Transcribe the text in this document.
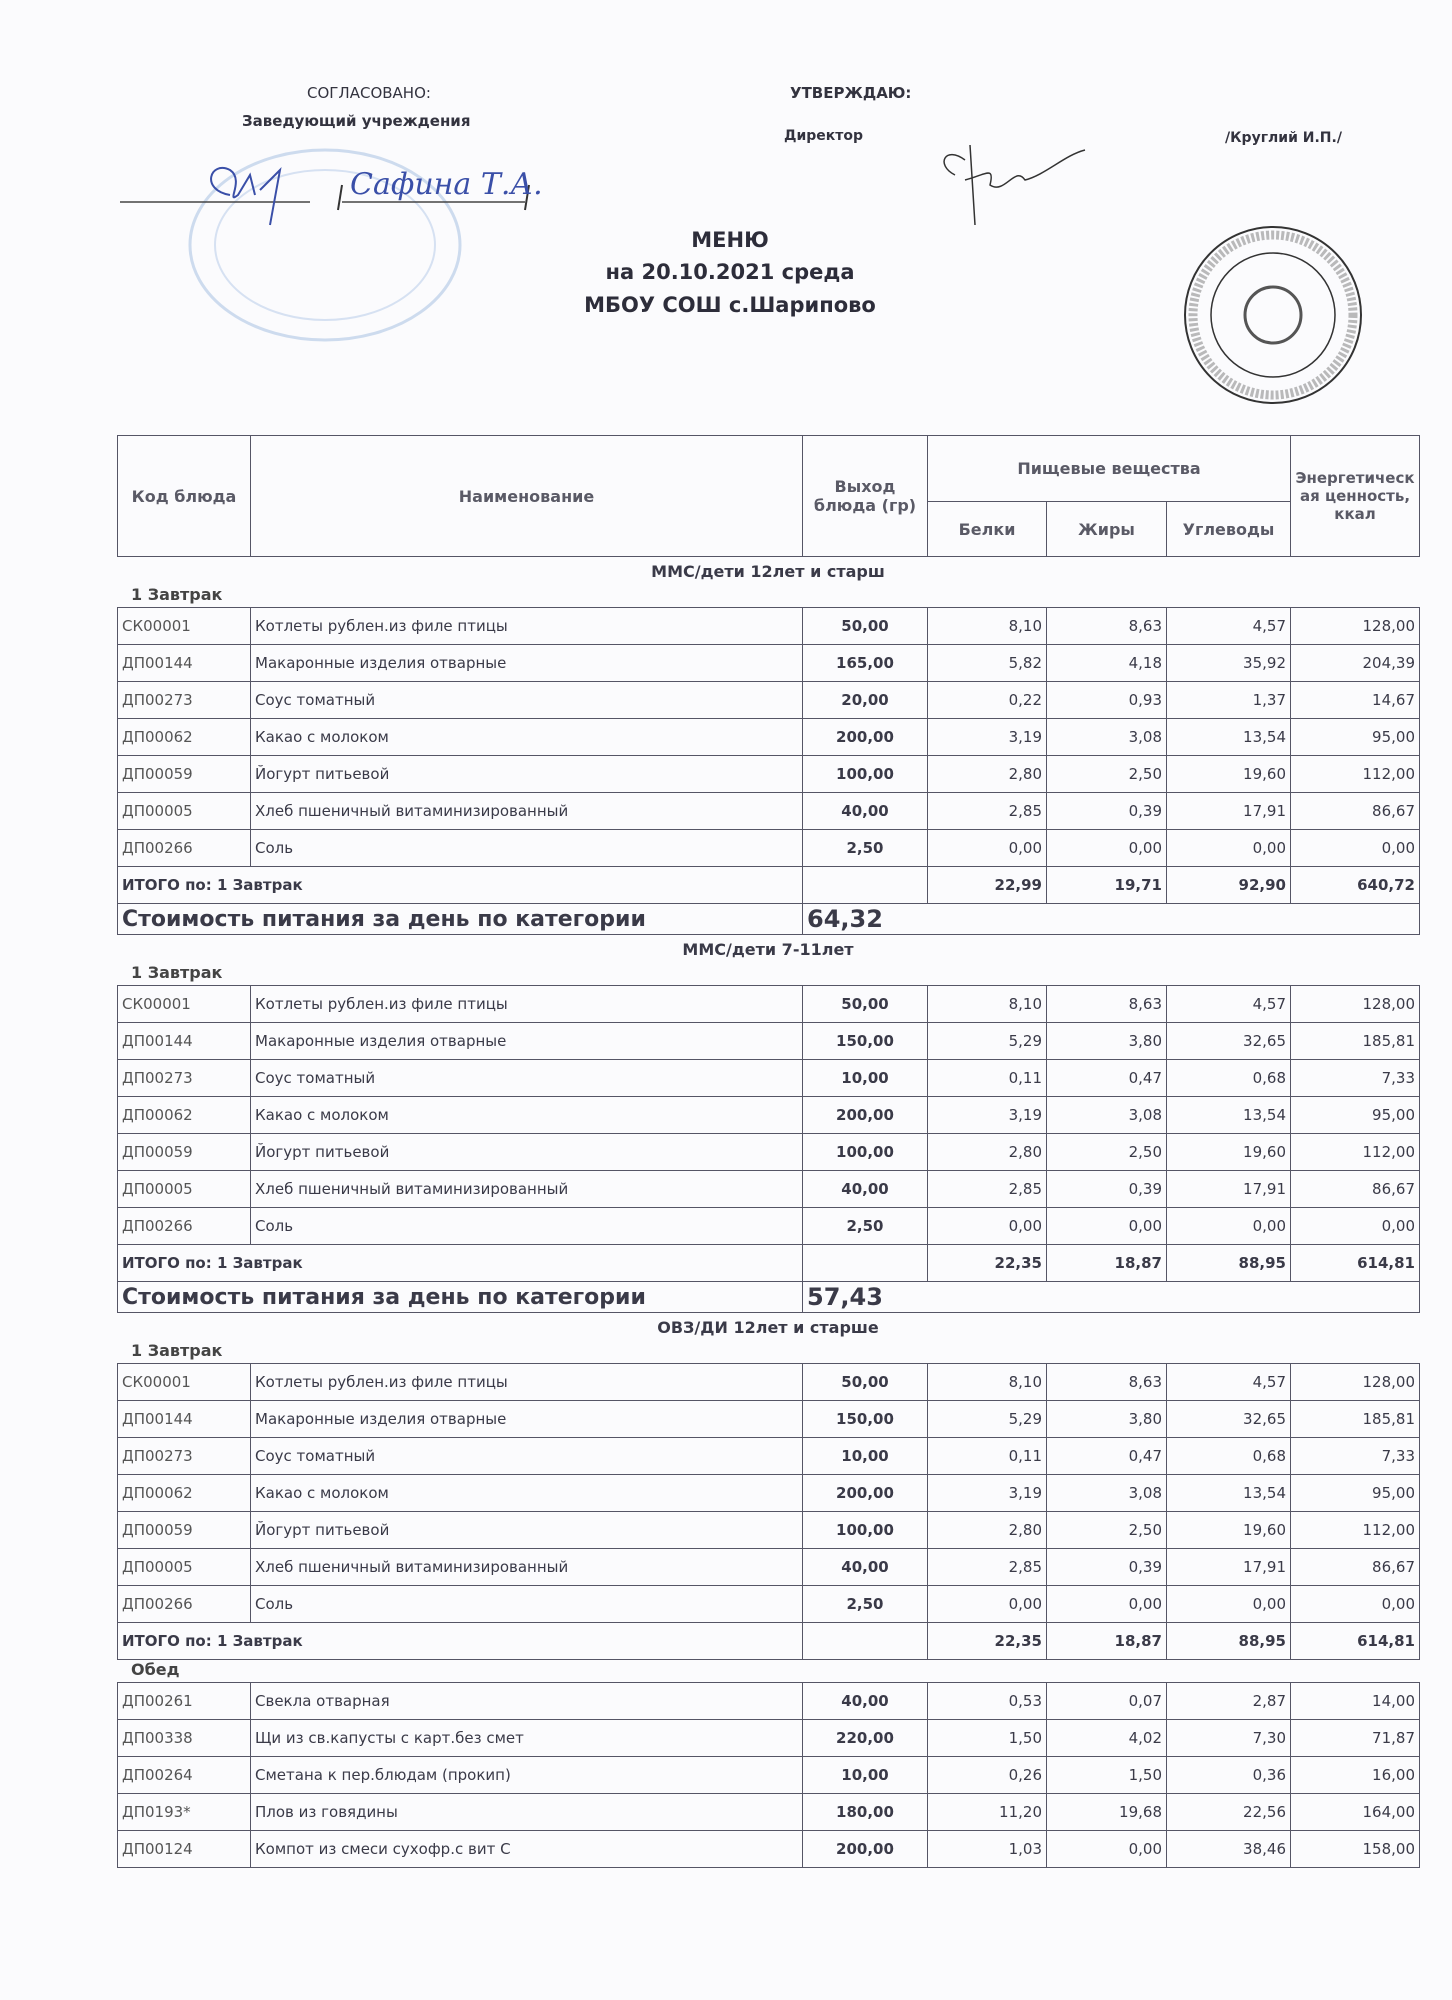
СОГЛАСОВАНО:
Заведующий учреждения
УТВЕРЖДАЮ:
Директор	/Круглий И.П./
Сафина Т.А.
МЕНЮ
на 20.10.2021 среда
МБОУ СОШ с.Шарипово
Код блюда	Наименование	Выход блюда (гр)	Пищевые вещества			Энергетическая ценность, ккал
			Белки	Жиры	Углеводы	
ММС/дети 12лет и старш
1 Завтрак
СК00001	Котлеты рублен.из филе птицы	50,00	8,10	8,63	4,57	128,00
ДП00144	Макаронные изделия отварные	165,00	5,82	4,18	35,92	204,39
ДП00273	Соус томатный	20,00	0,22	0,93	1,37	14,67
ДП00062	Какао с молоком	200,00	3,19	3,08	13,54	95,00
ДП00059	Йогурт питьевой	100,00	2,80	2,50	19,60	112,00
ДП00005	Хлеб пшеничный витаминизированный	40,00	2,85	0,39	17,91	86,67
ДП00266	Соль	2,50	0,00	0,00	0,00	0,00
ИТОГО по: 1 Завтрак			22,99	19,71	92,90	640,72
Стоимость питания за день по категории		64,32				
ММС/дети 7-11лет
1 Завтрак
СК00001	Котлеты рублен.из филе птицы	50,00	8,10	8,63	4,57	128,00
ДП00144	Макаронные изделия отварные	150,00	5,29	3,80	32,65	185,81
ДП00273	Соус томатный	10,00	0,11	0,47	0,68	7,33
ДП00062	Какао с молоком	200,00	3,19	3,08	13,54	95,00
ДП00059	Йогурт питьевой	100,00	2,80	2,50	19,60	112,00
ДП00005	Хлеб пшеничный витаминизированный	40,00	2,85	0,39	17,91	86,67
ДП00266	Соль	2,50	0,00	0,00	0,00	0,00
ИТОГО по: 1 Завтрак			22,35	18,87	88,95	614,81
Стоимость питания за день по категории		57,43				
ОВЗ/ДИ 12лет и старше
1 Завтрак
СК00001	Котлеты рублен.из филе птицы	50,00	8,10	8,63	4,57	128,00
ДП00144	Макаронные изделия отварные	150,00	5,29	3,80	32,65	185,81
ДП00273	Соус томатный	10,00	0,11	0,47	0,68	7,33
ДП00062	Какао с молоком	200,00	3,19	3,08	13,54	95,00
ДП00059	Йогурт питьевой	100,00	2,80	2,50	19,60	112,00
ДП00005	Хлеб пшеничный витаминизированный	40,00	2,85	0,39	17,91	86,67
ДП00266	Соль	2,50	0,00	0,00	0,00	0,00
ИТОГО по: 1 Завтрак			22,35	18,87	88,95	614,81
Обед
ДП00261	Свекла отварная	40,00	0,53	0,07	2,87	14,00
ДП00338	Щи из св.капусты с карт.без смет	220,00	1,50	4,02	7,30	71,87
ДП00264	Сметана к пер.блюдам (прокип)	10,00	0,26	1,50	0,36	16,00
ДП0193*	Плов из говядины	180,00	11,20	19,68	22,56	164,00
ДП00124	Компот из смеси сухофр.с вит С	200,00	1,03	0,00	38,46	158,00
